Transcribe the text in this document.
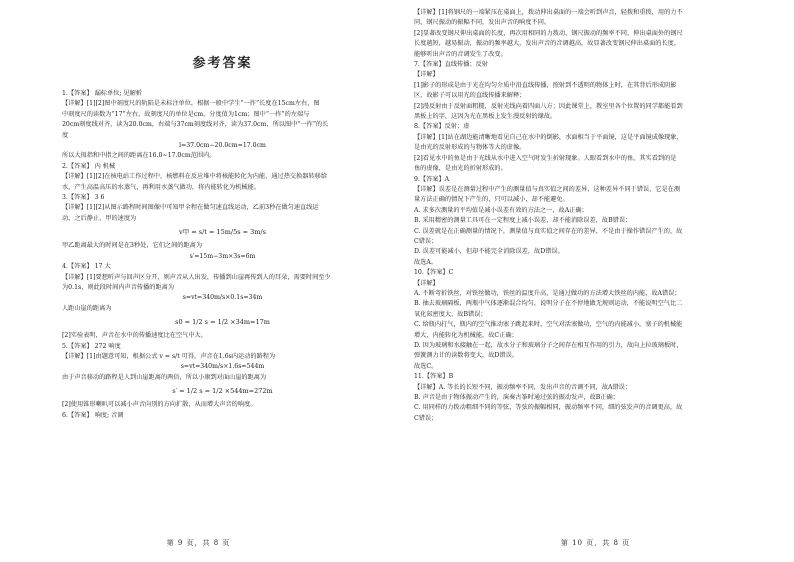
参考答案
1.【答案】 漏标单位; 见解析
【详解】[1][2]图中刻度尺的轨陷是未标注单位，根据一般中学生“一拃”长度在15cm左右，图
中刻度尺的读数为“17”左右，故刻度尺的单位是cm，分度值为1cm；图中“一拃”的左端与
20cm刻度线对齐，读为20.0cm，右端与37cm刻度线对齐，读为37.0cm，所以图中“一拃”的长
度
l=37.0cm−20.0cm=17.0cm
所以大拇指和中指之间的距离在16.0~17.0cm范围内。
2.【答案】 内 机械
【详解】[1][2]在核电站工作过程中，核燃料在反应堆中将核能转化为内能，通过热交换器转移给
水，产生高温高压的水蒸气，再利用水蒸气做功，将内能转化为机械能。
3.【答案】 3 6
【详解】[1][2]从图示路程时间图像中可知甲全程在做匀速直线运动，乙前3秒在做匀速直线运
动，之后静止，甲的速度为
v甲 = s/t = 15m/5s = 3m/s
甲乙距离最大的时间是在3秒处，它们之间的距离为
s′=15m−3m×3s=6m
4.【答案】 17 大
【详解】[1]要想听声与回声区分开，则声音从人出发，传播到山崖再传到人的耳朵，需要时间至少
为0.1s，则此段时间内声音传播的距离为
s=vt=340m/s×0.1s=34m
人距山崖的距离为
s0 = 1/2 s = 1/2 ×34m=17m
[2]实验表明，声音在水中的传播速度比在空气中大。
5.【答案】 272 响度
【详解】[1]由题意可知，根据公式 v = s/t 可得，声音在1.6s内运动的路程为
s=vt=340m/s×1.6s=544m
由于声音移动的路程是人到山崖距离的两倍，所以小康到对面山崖的距离为
s′ = 1/2 s = 1/2 ×544m=272m
[2]使用锥形喇叭可以减小声音向别的方向扩散，从而增大声音的响度。
6.【答案】 响度; 音调
第 9 页，共 8 页
【详解】[1]将钢尺的一端紧压在桌面上，拨动伸出桌面的一端会听到声音，轻拨和重拨，用的力不
同，钢尺振动的振幅不同，发出声音的响度不同。
[2]显著改变钢尺伸出桌面的长度，再次用相同的力拨动，钢尺振动的频率不同，伸出桌面外的钢尺
长度越短，越易振动，振动的频率越大，发出声音的音调越高，故显著改变钢尺伸出桌面的长度，
能够听出声音的音调发生了改变。
7.【答案】直线传播；反射
【详解】
[1]影子的形成是由于光在均匀介质中沿直线传播，照射到不透明的物体上时，在其背后形成阴影
区，故影子可以用光的直线传播来解释；
[2]漫反射由于反射面粗糙，反射光线向着四面八方；因此课堂上，教室里各个位置的同学都能看到
黑板上的字，这因为光在黑板上发生漫反射的缘故。
8.【答案】反射；虚
【详解】[1]站在湖边能清晰地看见自己在水中的倒影，水面相当于平面镜，这是平面镜成像现象，
是由光的反射形成的与物体等大的虚像。
[2]看见水中的鱼是由于光线从水中进入空气时发生折射现象。人眼看到水中的鱼，其实看到的是
鱼的虚像，是由光的折射形成的。
9.【答案】A
【详解】误差是在测量过程中产生的测量值与真实值之间的差异，这种差异不同于错误，它是在测
量方法正确的情况下产生的，只可以减小，却不能避免。
A. 求多次测量的平均值是减小误差有效的方法之一，故A正确；
B. 采用精密的测量工具可在一定程度上减小误差，却不能消除误差，故B错误；
C. 误差就是在正确测量的情况下，测量值与真实值之间存在的差异，不是由于操作错误产生的，故
C错误；
D. 误差可能减小，但却不能完全消除误差，故D错误。
故选A。
10.【答案】C
【详解】
A. 不断弯折铁丝，对铁丝做功，铁丝的温度升高，是通过做功的方法增大铁丝的内能，故A错误；
B. 抽去玻璃隔板，两瓶中气体逐渐混合均匀，说明分子在不停地做无规则运动，不能说明空气比二
氧化氮密度大，故B错误；
C. 给瓶内打气，瓶内的空气推动塞子跳起来时，空气对活塞做功，空气的内能减小，塞子的机械能
增大，内能转化为机械能，故C正确；
D. 因为玻璃和水接触在一起，故水分子和玻璃分子之间存在相互作用的引力，故向上拉玻璃板时，
弹簧测力计的读数将变大，故D错误。
故选C。
11.【答案】B
【详解】A. 等长的长短不同，振动频率不同，发出声音的音调不同，故A错误；
B. 声音是由于物体振动产生的，演奏古筝时通过弦的振动发声，故B正确；
C. 用同样的力拨动粗细不同的等弦，等弦的振幅相同，振动频率不同，细的弦发声的音调更高，故
C错误；
第 10 页，共 8 页
